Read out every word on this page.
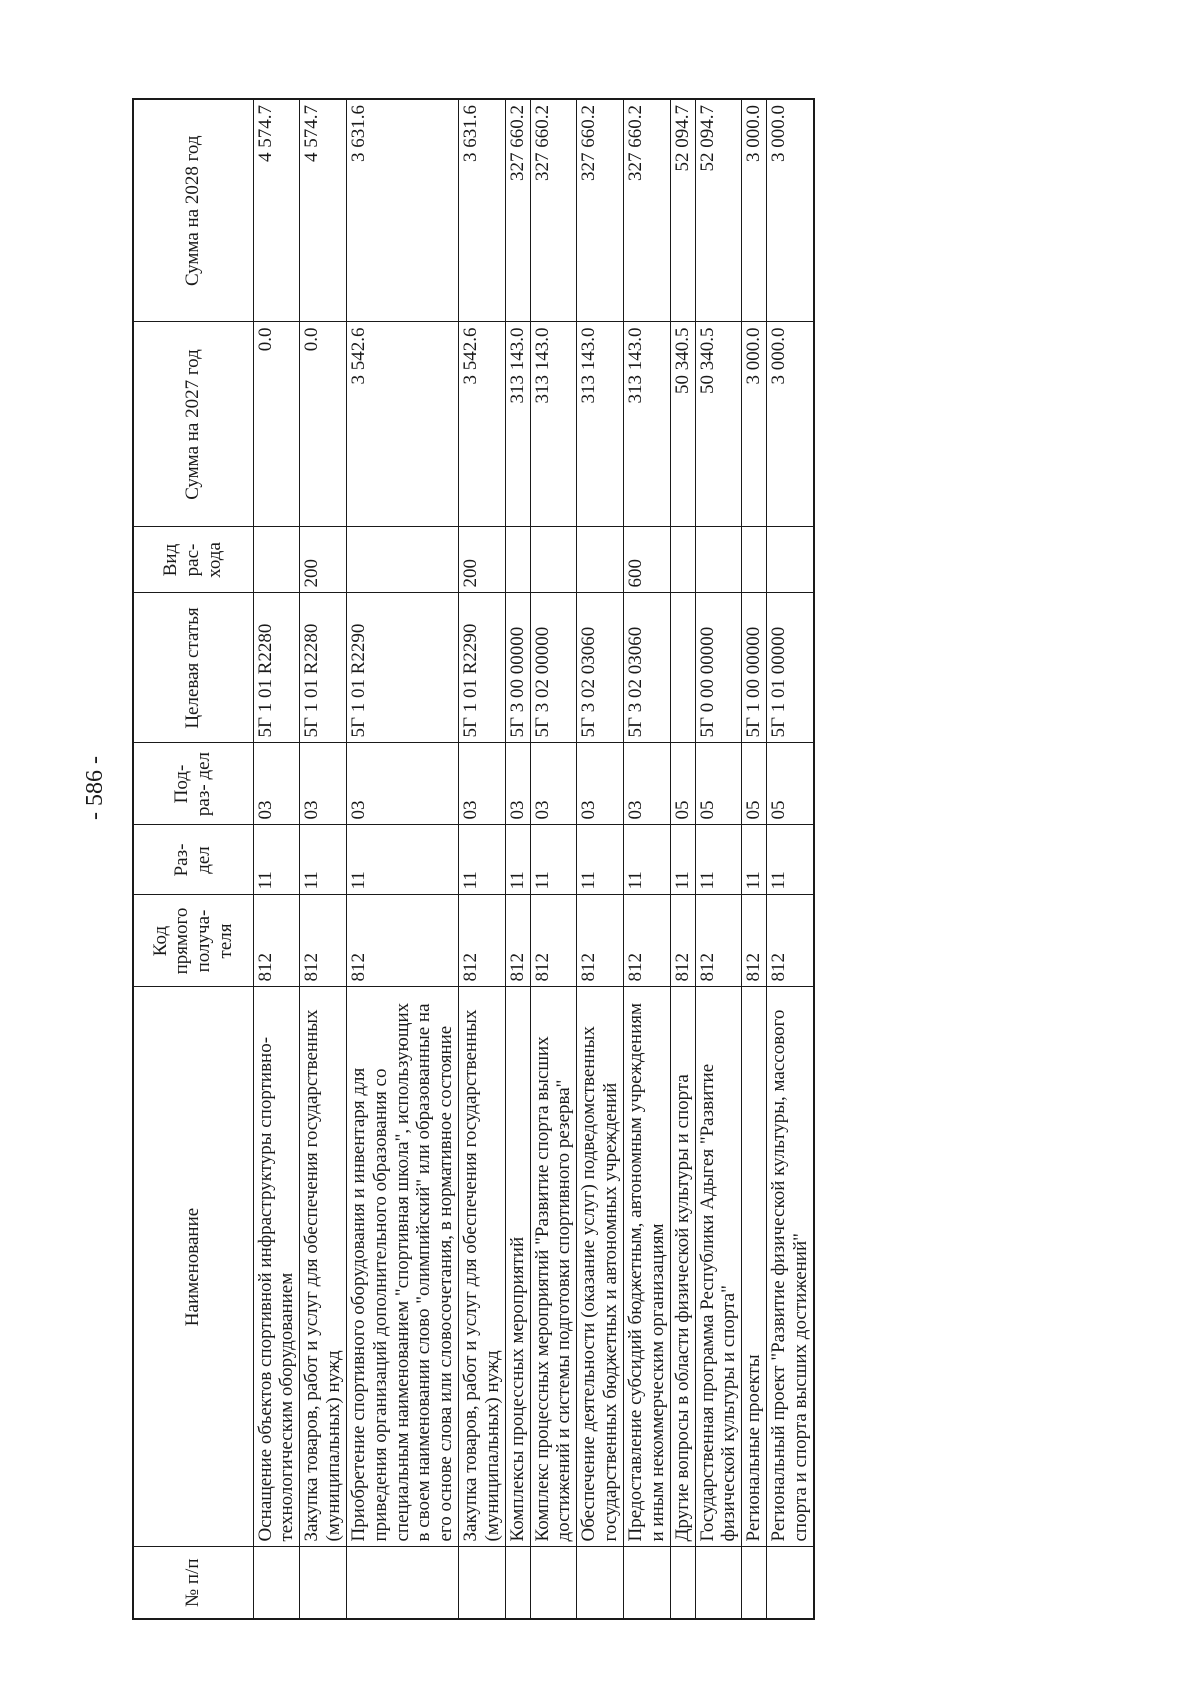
- 586 -
№ п/п	Наименование	Код прямого получа- теля	Раз- дел	Под- раз- дел	Целевая статья	Вид рас- хода	Сумма на 2027 год	Сумма на 2028 год
	Оснащение объектов спортивной инфраструктуры спортивно-технологическим оборудованием	812	11	03	5Г 1 01 R2280		0.0	4 574.7
	Закупка товаров, работ и услуг для обеспечения государственных (муниципальных) нужд	812	11	03	5Г 1 01 R2280	200	0.0	4 574.7
	Приобретение спортивного оборудования и инвентаря для приведения организаций дополнительного образования со специальным наименованием "спортивная школа", использующих в своем наименовании слово "олимпийский" или образованные на его основе слова или словосочетания, в нормативное состояние	812	11	03	5Г 1 01 R2290		3 542.6	3 631.6
	Закупка товаров, работ и услуг для обеспечения государственных (муниципальных) нужд	812	11	03	5Г 1 01 R2290	200	3 542.6	3 631.6
	Комплексы процессных мероприятий	812	11	03	5Г 3 00 00000		313 143.0	327 660.2
	Комплекс процессных мероприятий "Развитие спорта высших достижений и системы подготовки спортивного резерва"	812	11	03	5Г 3 02 00000		313 143.0	327 660.2
	Обеспечение деятельности (оказание услуг) подведомственных государственных бюджетных и автономных учреждений	812	11	03	5Г 3 02 03060		313 143.0	327 660.2
	Предоставление субсидий бюджетным, автономным учреждениям и иным некоммерческим организациям	812	11	03	5Г 3 02 03060	600	313 143.0	327 660.2
	Другие вопросы в области физической культуры и спорта	812	11	05			50 340.5	52 094.7
	Государственная программа Республики Адыгея "Развитие физической культуры и спорта"	812	11	05	5Г 0 00 00000		50 340.5	52 094.7
	Региональные проекты	812	11	05	5Г 1 00 00000		3 000.0	3 000.0
	Региональный проект "Развитие физической культуры, массового спорта и спорта высших достижений"	812	11	05	5Г 1 01 00000		3 000.0	3 000.0
